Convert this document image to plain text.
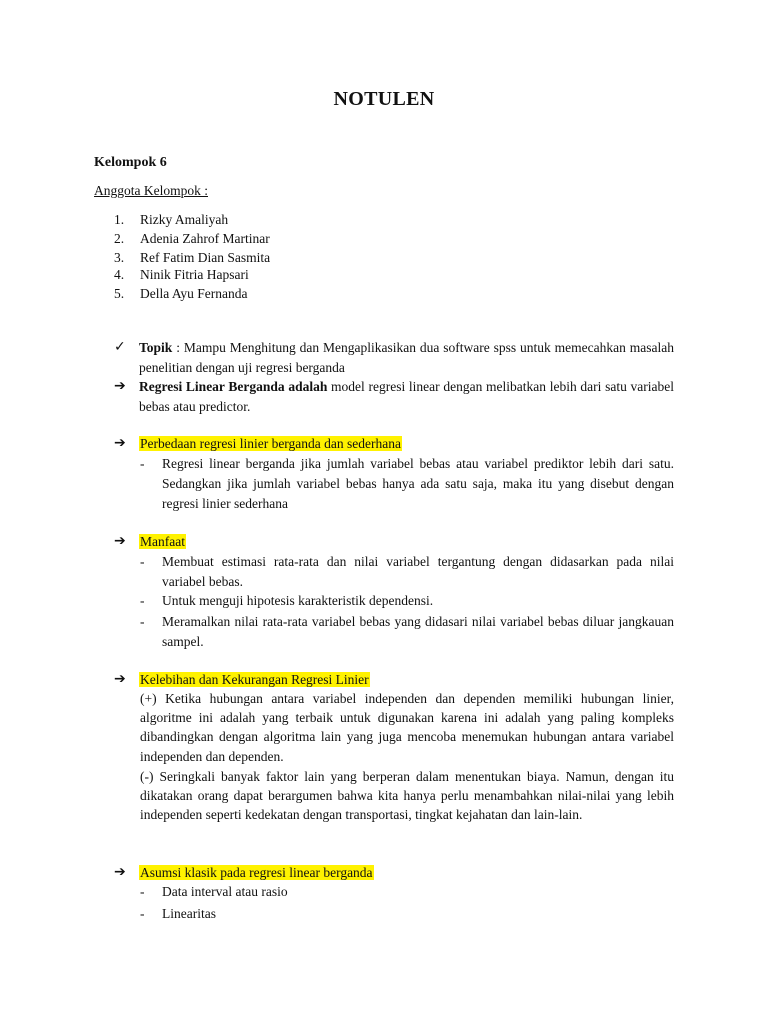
NOTULEN
Kelompok 6
Anggota Kelompok :
1. Rizky Amaliyah
2. Adenia Zahrof Martinar
3. Ref Fatim Dian Sasmita
4. Ninik Fitria Hapsari
5. Della Ayu Fernanda
✓ Topik : Mampu Menghitung dan Mengaplikasikan dua software spss untuk memecahkan masalah penelitian dengan uji regresi berganda
➔ Regresi Linear Berganda adalah model regresi linear dengan melibatkan lebih dari satu variabel bebas atau predictor.
➔	Perbedaan regresi linier berganda dan sederhana
- Regresi linear berganda jika jumlah variabel bebas atau variabel prediktor lebih dari satu. Sedangkan jika jumlah variabel bebas hanya ada satu saja, maka itu yang disebut dengan regresi linier sederhana
➔	Manfaat
- Membuat estimasi rata-rata dan nilai variabel tergantung dengan didasarkan pada nilai variabel bebas.
- Untuk menguji hipotesis karakteristik dependensi.
- Meramalkan nilai rata-rata variabel bebas yang didasari nilai variabel bebas diluar jangkauan sampel.
➔	Kelebihan dan Kekurangan Regresi Linier
(+) Ketika hubungan antara variabel independen dan dependen memiliki hubungan linier, algoritme ini adalah yang terbaik untuk digunakan karena ini adalah yang paling kompleks dibandingkan dengan algoritma lain yang juga mencoba menemukan hubungan antara variabel independen dan dependen.
(-) Seringkali banyak faktor lain yang berperan dalam menentukan biaya. Namun, dengan itu dikatakan orang dapat berargumen bahwa kita hanya perlu menambahkan nilai-nilai yang lebih independen seperti kedekatan dengan transportasi, tingkat kejahatan dan lain-lain.
➔	Asumsi klasik pada regresi linear berganda
- Data interval atau rasio
- Linearitas
